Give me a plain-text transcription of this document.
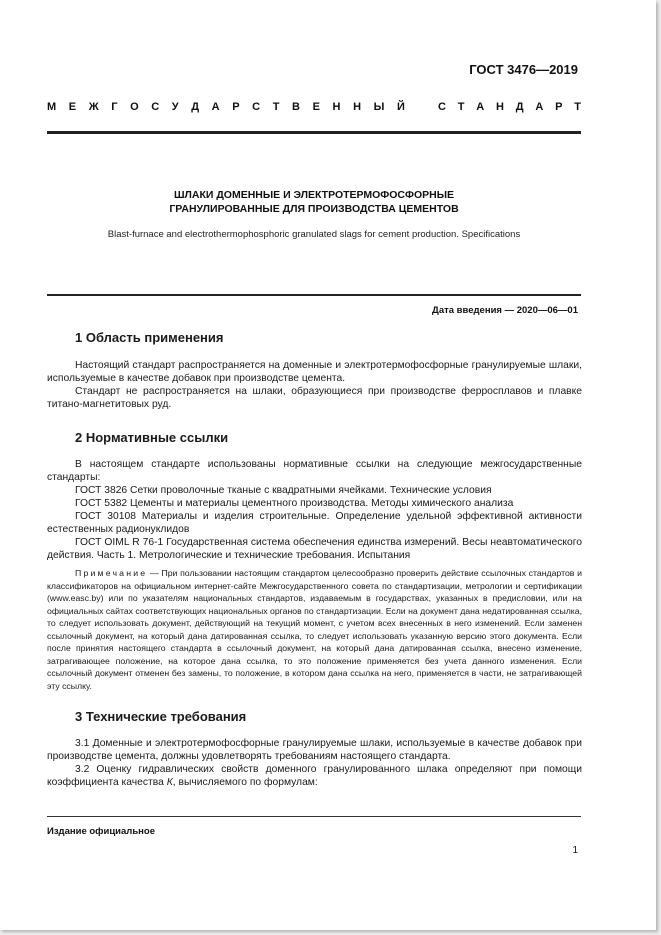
ГОСТ 3476—2019
М Е Ж Г О С У Д А Р С Т В Е Н Н Ы Й	С Т А Н Д А Р Т
ШЛАКИ ДОМЕННЫЕ И ЭЛЕКТРОТЕРМОФОСФОРНЫЕ
ГРАНУЛИРОВАННЫЕ ДЛЯ ПРОИЗВОДСТВА ЦЕМЕНТОВ
Blast-furnace and electrothermophosphoric granulated slags for cement production. Specifications
Дата введения — 2020—06—01
1 Область применения

Настоящий стандарт распространяется на доменные и электротермофосфорные гранулируемые шлаки, используемые в качестве добавок при производстве цемента.

Стандарт не распространяется на шлаки, образующиеся при производстве ферросплавов и плавке титано-магнетитовых руд.

2 Нормативные ссылки

В настоящем стандарте использованы нормативные ссылки на следующие межгосударственные стандарты:

ГОСТ 3826 Сетки проволочные тканые с квадратными ячейками. Технические условия

ГОСТ 5382 Цементы и материалы цементного производства. Методы химического анализа

ГОСТ 30108 Материалы и изделия строительные. Определение удельной эффективной активности естественных радионуклидов

ГОСТ OIML R 76-1 Государственная система обеспечения единства измерений. Весы неавтоматического действия. Часть 1. Метрологические и технические требования. Испытания

Примечание — При пользовании настоящим стандартом целесообразно проверить действие ссылочных стандартов и классификаторов на официальном интернет-сайте Межгосударственного совета по стандартизации, метрологии и сертификации (www.easc.by) или по указателям национальных стандартов, издаваемым в государствах, указанных в предисловии, или на официальных сайтах соответствующих национальных органов по стандартизации. Если на документ дана недатированная ссылка, то следует использовать документ, действующий на текущий момент, с учетом всех внесенных в него изменений. Если заменен ссылочный документ, на который дана датированная ссылка, то следует использовать указанную версию этого документа. Если после принятия настоящего стандарта в ссылочный документ, на который дана датированная ссылка, внесено изменение, затрагивающее положение, на которое дана ссылка, то это положение применяется без учета данного изменения. Если ссылочный документ отменен без замены, то положение, в котором дана ссылка на него, применяется в части, не затрагивающей эту ссылку.

3 Технические требования

3.1 Доменные и электротермофосфорные гранулируемые шлаки, используемые в качестве добавок при производстве цемента, должны удовлетворять требованиям настоящего стандарта.

3.2 Оценку гидравлических свойств доменного гранулированного шлака определяют при помощи коэффициента качества К, вычисляемого по формулам:

Издание официальное
1
